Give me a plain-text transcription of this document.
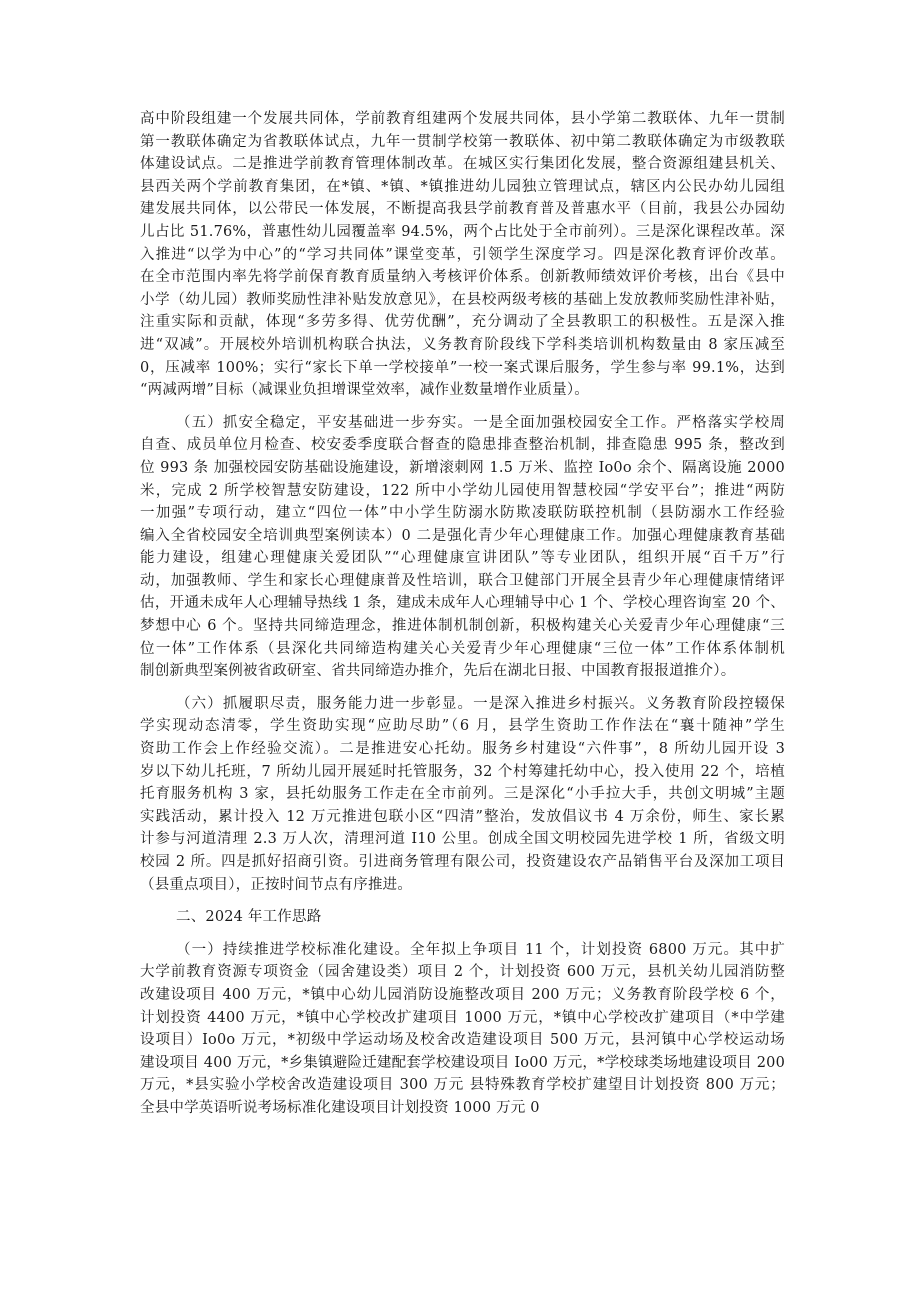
高中阶段组建一个发展共同体，学前教育组建两个发展共同体，县小学第二教联体、九年一贯制
第一教联体确定为省教联体试点，九年一贯制学校第一教联体、初中第二教联体确定为市级教联
体建设试点。二是推进学前教育管理体制改革。在城区实行集团化发展，整合资源组建县机关、
县西关两个学前教育集团，在*镇、*镇、*镇推进幼儿园独立管理试点，辖区内公民办幼儿园组
建发展共同体，以公带民一体发展，不断提高我县学前教育普及普惠水平（目前，我县公办园幼
儿占比 51.76%，普惠性幼儿园覆盖率 94.5%，两个占比处于全市前列）。三是深化课程改革。深
入推进“以学为中心”的“学习共同体”课堂变革，引领学生深度学习。四是深化教育评价改革。
在全市范围内率先将学前保育教育质量纳入考核评价体系。创新教师绩效评价考核，出台《县中
小学（幼儿园）教师奖励性津补贴发放意见》，在县校两级考核的基础上发放教师奖励性津补贴，
注重实际和贡献，体现“多劳多得、优劳优酬”，充分调动了全县教职工的积极性。五是深入推
进“双减”。开展校外培训机构联合执法，义务教育阶段线下学科类培训机构数量由 8 家压减至
0，压减率 100%；实行“家长下单一学校接单”一校一案式课后服务，学生参与率 99.1%，达到
“两减两增”目标（减课业负担增课堂效率，减作业数量增作业质量）。
（五）抓安全稳定，平安基础进一步夯实。一是全面加强校园安全工作。严格落实学校周
自查、成员单位月检查、校安委季度联合督查的隐患排查整治机制，排查隐患 995 条，整改到
位 993 条 加强校园安防基础设施建设，新增滚刺网 1.5 万米、监控 Io0o 余个、隔离设施 2000
米，完成 2 所学校智慧安防建设，122 所中小学幼儿园使用智慧校园“学安平台”；推进“两防
一加强”专项行动，建立“四位一体”中小学生防溺水防欺凌联防联控机制（县防溺水工作经验
编入全省校园安全培训典型案例读本）0 二是强化青少年心理健康工作。加强心理健康教育基础
能力建设，组建心理健康关爱团队”“心理健康宣讲团队”等专业团队，组织开展“百千万”行
动，加强教师、学生和家长心理健康普及性培训，联合卫健部门开展全县青少年心理健康情绪评
估，开通未成年人心理辅导热线 1 条，建成未成年人心理辅导中心 1 个、学校心理咨询室 20 个、
梦想中心 6 个。坚持共同缔造理念，推进体制机制创新，积极构建关心关爱青少年心理健康“三
位一体”工作体系（县深化共同缔造构建关心关爱青少年心理健康“三位一体”工作体系体制机
制创新典型案例被省政研室、省共同缔造办推介，先后在湖北日报、中国教育报报道推介）。
（六）抓履职尽责，服务能力进一步彰显。一是深入推进乡村振兴。义务教育阶段控辍保
学实现动态清零，学生资助实现“应助尽助”（6 月，县学生资助工作作法在“襄十随神”学生
资助工作会上作经验交流）。二是推进安心托幼。服务乡村建设“六件事”，8 所幼儿园开设 3
岁以下幼儿托班，7 所幼儿园开展延时托管服务，32 个村筹建托幼中心，投入使用 22 个，培植
托育服务机构 3 家，县托幼服务工作走在全市前列。三是深化“小手拉大手，共创文明城”主题
实践活动，累计投入 12 万元推进包联小区“四清”整治，发放倡议书 4 万余份，师生、家长累
计参与河道清理 2.3 万人次，清理河道 I10 公里。创成全国文明校园先进学校 1 所，省级文明
校园 2 所。四是抓好招商引资。引进商务管理有限公司，投资建设农产品销售平台及深加工项目
（县重点项目），正按时间节点有序推进。
二、2024 年工作思路
（一）持续推进学校标准化建设。全年拟上争项目 11 个，计划投资 6800 万元。其中扩
大学前教育资源专项资金（园舍建设类）项目 2 个，计划投资 600 万元，县机关幼儿园消防整
改建设项目 400 万元，*镇中心幼儿园消防设施整改项目 200 万元；义务教育阶段学校 6 个，
计划投资 4400 万元，*镇中心学校改扩建项目 1000 万元，*镇中心学校改扩建项目（*中学建
设项目）Io0o 万元，*初级中学运动场及校舍改造建设项目 500 万元，县河镇中心学校运动场
建设项目 400 万元，*乡集镇避险迁建配套学校建设项目 Io00 万元，*学校球类场地建设项目 200
万元，*县实验小学校舍改造建设项目 300 万元 县特殊教育学校扩建望目计划投资 800 万元；
全县中学英语听说考场标准化建设项目计划投资 1000 万元 0
